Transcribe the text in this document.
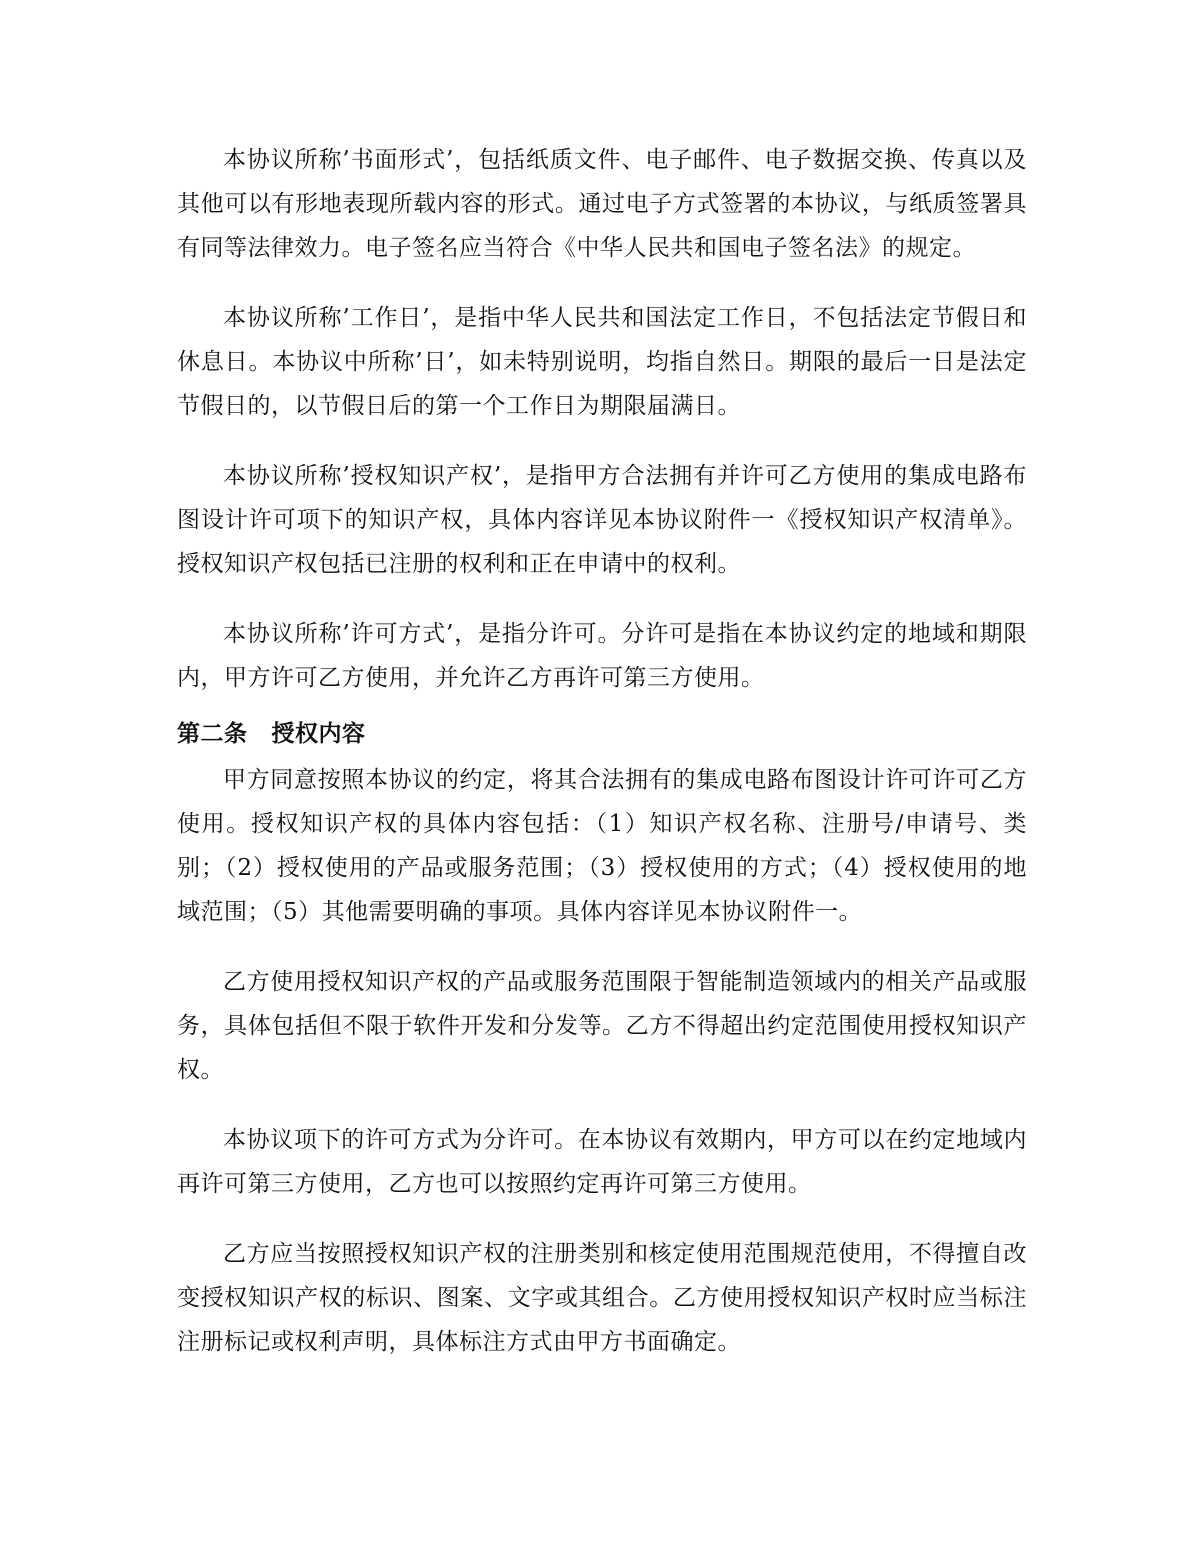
本协议所称’书面形式’，包括纸质文件、电子邮件、电子数据交换、传真以及其他可以有形地表现所载内容的形式。通过电子方式签署的本协议，与纸质签署具有同等法律效力。电子签名应当符合《中华人民共和国电子签名法》的规定。

本协议所称’工作日’，是指中华人民共和国法定工作日，不包括法定节假日和休息日。本协议中所称’日’，如未特别说明，均指自然日。期限的最后一日是法定节假日的，以节假日后的第一个工作日为期限届满日。

本协议所称’授权知识产权’，是指甲方合法拥有并许可乙方使用的集成电路布图设计许可项下的知识产权，具体内容详见本协议附件一《授权知识产权清单》。授权知识产权包括已注册的权利和正在申请中的权利。

本协议所称’许可方式’，是指分许可。分许可是指在本协议约定的地域和期限内，甲方许可乙方使用，并允许乙方再许可第三方使用。

第二条 授权内容

甲方同意按照本协议的约定，将其合法拥有的集成电路布图设计许可许可乙方使用。授权知识产权的具体内容包括：（1）知识产权名称、注册号/申请号、类别；（2）授权使用的产品或服务范围；（3）授权使用的方式；（4）授权使用的地域范围；（5）其他需要明确的事项。具体内容详见本协议附件一。

乙方使用授权知识产权的产品或服务范围限于智能制造领域内的相关产品或服务，具体包括但不限于软件开发和分发等。乙方不得超出约定范围使用授权知识产权。

本协议项下的许可方式为分许可。在本协议有效期内，甲方可以在约定地域内再许可第三方使用，乙方也可以按照约定再许可第三方使用。

乙方应当按照授权知识产权的注册类别和核定使用范围规范使用，不得擅自改变授权知识产权的标识、图案、文字或其组合。乙方使用授权知识产权时应当标注注册标记或权利声明，具体标注方式由甲方书面确定。
